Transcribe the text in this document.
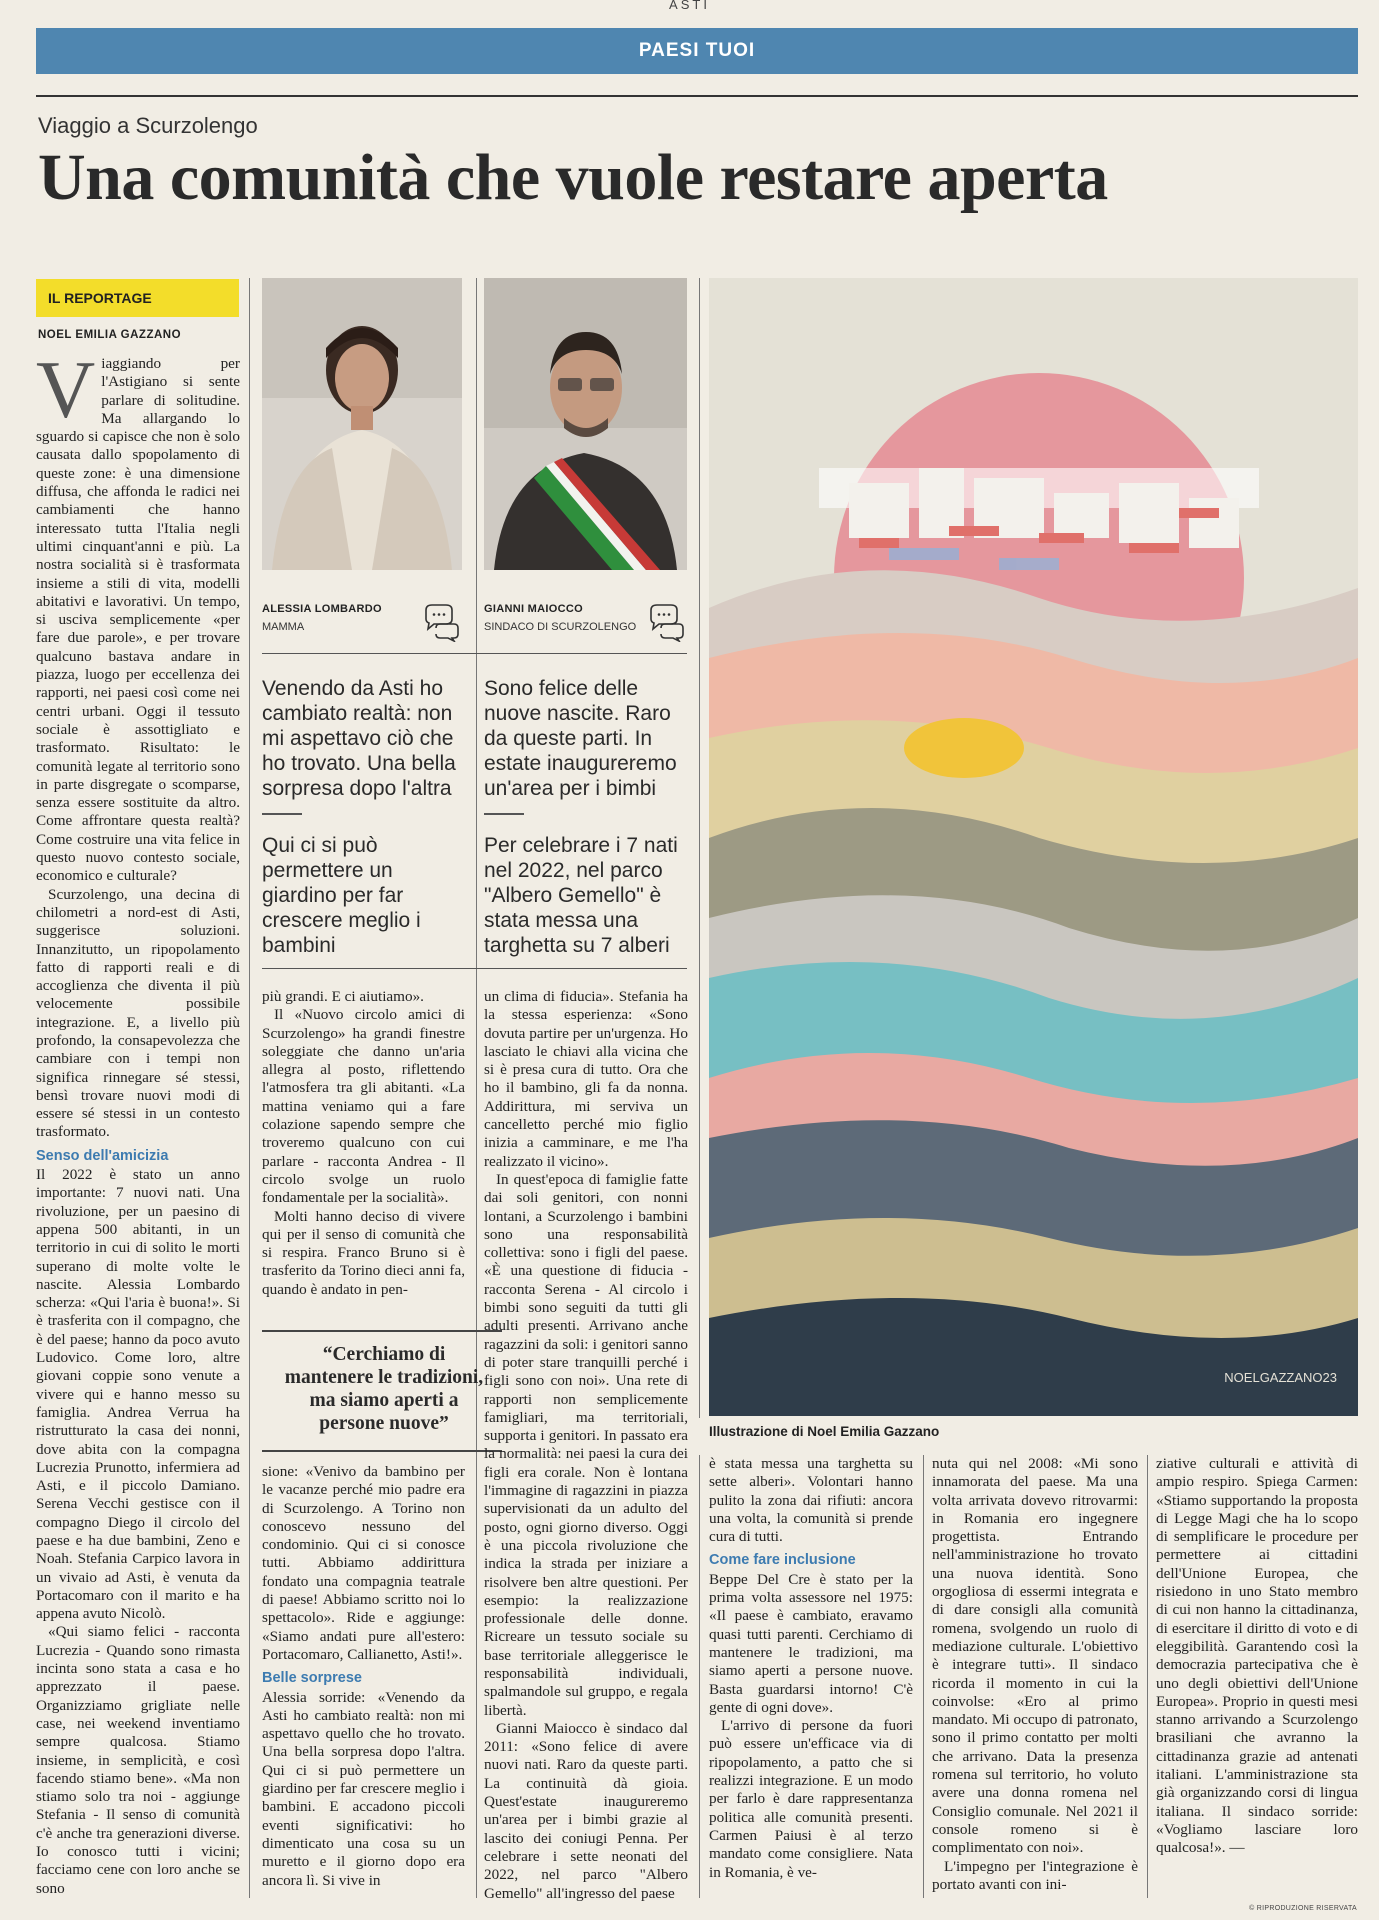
ASTI
PAESI TUOI
Viaggio a Scurzolengo
Una comunità che vuole restare aperta
IL REPORTAGE
NOEL EMILIA GAZZANO

Viaggiando per l'Astigiano si sente parlare di solitudine. Ma allargando lo sguardo si capisce che non è solo causata dallo spopolamento di queste zone: è una dimensione diffusa, che affonda le radici nei cambiamenti che hanno interessato tutta l'Italia negli ultimi cinquant'anni e più. La nostra socialità si è trasformata insieme a stili di vita, modelli abitativi e lavorativi. Un tempo, si usciva semplicemente «per fare due parole», e per trovare qualcuno bastava andare in piazza, luogo per eccellenza dei rapporti, nei paesi così come nei centri urbani. Oggi il tessuto sociale è assottigliato e trasformato. Risultato: le comunità legate al territorio sono in parte disgregate o scomparse, senza essere sostituite da altro. Come affrontare questa realtà? Come costruire una vita felice in questo nuovo contesto sociale, economico e culturale?

Scurzolengo, una decina di chilometri a nord-est di Asti, suggerisce soluzioni. Innanzitutto, un ripopolamento fatto di rapporti reali e di accoglienza che diventa il più velocemente possibile integrazione. E, a livello più profondo, la consapevolezza che cambiare con i tempi non significa rinnegare sé stessi, bensì trovare nuovi modi di essere sé stessi in un contesto trasformato.

Senso dell'amicizia

Il 2022 è stato un anno importante: 7 nuovi nati. Una rivoluzione, per un paesino di appena 500 abitanti, in un territorio in cui di solito le morti superano di molte volte le nascite. Alessia Lombardo scherza: «Qui l'aria è buona!». Si è trasferita con il compagno, che è del paese; hanno da poco avuto Ludovico. Come loro, altre giovani coppie sono venute a vivere qui e hanno messo su famiglia. Andrea Verrua ha ristrutturato la casa dei nonni, dove abita con la compagna Lucrezia Prunotto, infermiera ad Asti, e il piccolo Damiano. Serena Vecchi gestisce con il compagno Diego il circolo del paese e ha due bambini, Zeno e Noah. Stefania Carpico lavora in un vivaio ad Asti, è venuta da Portacomaro con il marito e ha appena avuto Nicolò.

«Qui siamo felici - racconta Lucrezia - Quando sono rimasta incinta sono stata a casa e ho apprezzato il paese. Organizziamo grigliate nelle case, nei weekend inventiamo sempre qualcosa. Stiamo insieme, in semplicità, e così facendo stiamo bene». «Ma non stiamo solo tra noi - aggiunge Stefania - Il senso di comunità c'è anche tra generazioni diverse. Io conosco tutti i vicini; facciamo cene con loro anche se sono

ALESSIA LOMBARDO
MAMMA
GIANNI MAIOCCO
SINDACO DI SCURZOLENGO
Venendo da Asti ho cambiato realtà: non mi aspettavo ciò che ho trovato. Una bella sorpresa dopo l'altra
Qui ci si può permettere un giardino per far crescere meglio i bambini
Sono felice delle nuove nascite. Raro da queste parti. In estate inaugureremo un'area per i bimbi
Per celebrare i 7 nati nel 2022, nel parco "Albero Gemello" è stata messa una targhetta su 7 alberi

più grandi. E ci aiutiamo».

Il «Nuovo circolo amici di Scurzolengo» ha grandi finestre soleggiate che danno un'aria allegra al posto, riflettendo l'atmosfera tra gli abitanti. «La mattina veniamo qui a fare colazione sapendo sempre che troveremo qualcuno con cui parlare - racconta Andrea - Il circolo svolge un ruolo fondamentale per la socialità».

Molti hanno deciso di vivere qui per il senso di comunità che si respira. Franco Bruno si è trasferito da Torino dieci anni fa, quando è andato in pen-

“Cerchiamo di mantenere le tradizioni, ma siamo aperti a persone nuove”

sione: «Venivo da bambino per le vacanze perché mio padre era di Scurzolengo. A Torino non conoscevo nessuno del condominio. Qui ci si conosce tutti. Abbiamo addirittura fondato una compagnia teatrale di paese! Abbiamo scritto noi lo spettacolo». Ride e aggiunge: «Siamo andati pure all'estero: Portacomaro, Callianetto, Asti!».

Belle sorprese

Alessia sorride: «Venendo da Asti ho cambiato realtà: non mi aspettavo quello che ho trovato. Una bella sorpresa dopo l'altra. Qui ci si può permettere un giardino per far crescere meglio i bambini. E accadono piccoli eventi significativi: ho dimenticato una cosa su un muretto e il giorno dopo era ancora lì. Si vive in

un clima di fiducia». Stefania ha la stessa esperienza: «Sono dovuta partire per un'urgenza. Ho lasciato le chiavi alla vicina che si è presa cura di tutto. Ora che ho il bambino, gli fa da nonna. Addirittura, mi serviva un cancelletto perché mio figlio inizia a camminare, e me l'ha realizzato il vicino».

In quest'epoca di famiglie fatte dai soli genitori, con nonni lontani, a Scurzolengo i bambini sono una responsabilità collettiva: sono i figli del paese. «È una questione di fiducia - racconta Serena - Al circolo i bimbi sono seguiti da tutti gli adulti presenti. Arrivano anche ragazzini da soli: i genitori sanno di poter stare tranquilli perché i figli sono con noi». Una rete di rapporti non semplicemente famigliari, ma territoriali, supporta i genitori. In passato era la normalità: nei paesi la cura dei figli era corale. Non è lontana l'immagine di ragazzini in piazza supervisionati da un adulto del posto, ogni giorno diverso. Oggi è una piccola rivoluzione che indica la strada per iniziare a risolvere ben altre questioni. Per esempio: la realizzazione professionale delle donne. Ricreare un tessuto sociale su base territoriale alleggerisce le responsabilità individuali, spalmandole sul gruppo, e regala libertà.

Gianni Maiocco è sindaco dal 2011: «Sono felice di avere nuovi nati. Raro da queste parti. La continuità dà gioia. Quest'estate inaugureremo un'area per i bimbi grazie al lascito dei coniugi Penna. Per celebrare i sette neonati del 2022, nel parco "Albero Gemello" all'ingresso del paese

NOELGAZZANO23
Illustrazione di Noel Emilia Gazzano

è stata messa una targhetta su sette alberi». Volontari hanno pulito la zona dai rifiuti: ancora una volta, la comunità si prende cura di tutti.

Come fare inclusione

Beppe Del Cre è stato per la prima volta assessore nel 1975: «Il paese è cambiato, eravamo quasi tutti parenti. Cerchiamo di mantenere le tradizioni, ma siamo aperti a persone nuove. Basta guardarsi intorno! C'è gente di ogni dove».

L'arrivo di persone da fuori può essere un'efficace via di ripopolamento, a patto che si realizzi integrazione. E un modo per farlo è dare rappresentanza politica alle comunità presenti. Carmen Paiusi è al terzo mandato come consigliere. Nata in Romania, è ve-

nuta qui nel 2008: «Mi sono innamorata del paese. Ma una volta arrivata dovevo ritrovarmi: in Romania ero ingegnere progettista. Entrando nell'amministrazione ho trovato una nuova identità. Sono orgogliosa di essermi integrata e di dare consigli alla comunità romena, svolgendo un ruolo di mediazione culturale. L'obiettivo è integrare tutti». Il sindaco ricorda il momento in cui la coinvolse: «Ero al primo mandato. Mi occupo di patronato, sono il primo contatto per molti che arrivano. Data la presenza romena sul territorio, ho voluto avere una donna romena nel Consiglio comunale. Nel 2021 il console romeno si è complimentato con noi».

L'impegno per l'integrazione è portato avanti con ini-

ziative culturali e attività di ampio respiro. Spiega Carmen: «Stiamo supportando la proposta di Legge Magi che ha lo scopo di semplificare le procedure per permettere ai cittadini dell'Unione Europea, che risiedono in uno Stato membro di cui non hanno la cittadinanza, di esercitare il diritto di voto e di eleggibilità. Garantendo così la democrazia partecipativa che è uno degli obiettivi dell'Unione Europea». Proprio in questi mesi stanno arrivando a Scurzolengo brasiliani che avranno la cittadinanza grazie ad antenati italiani. L'amministrazione sta già organizzando corsi di lingua italiana. Il sindaco sorride: «Vogliamo lasciare loro qualcosa!». —

© RIPRODUZIONE RISERVATA
